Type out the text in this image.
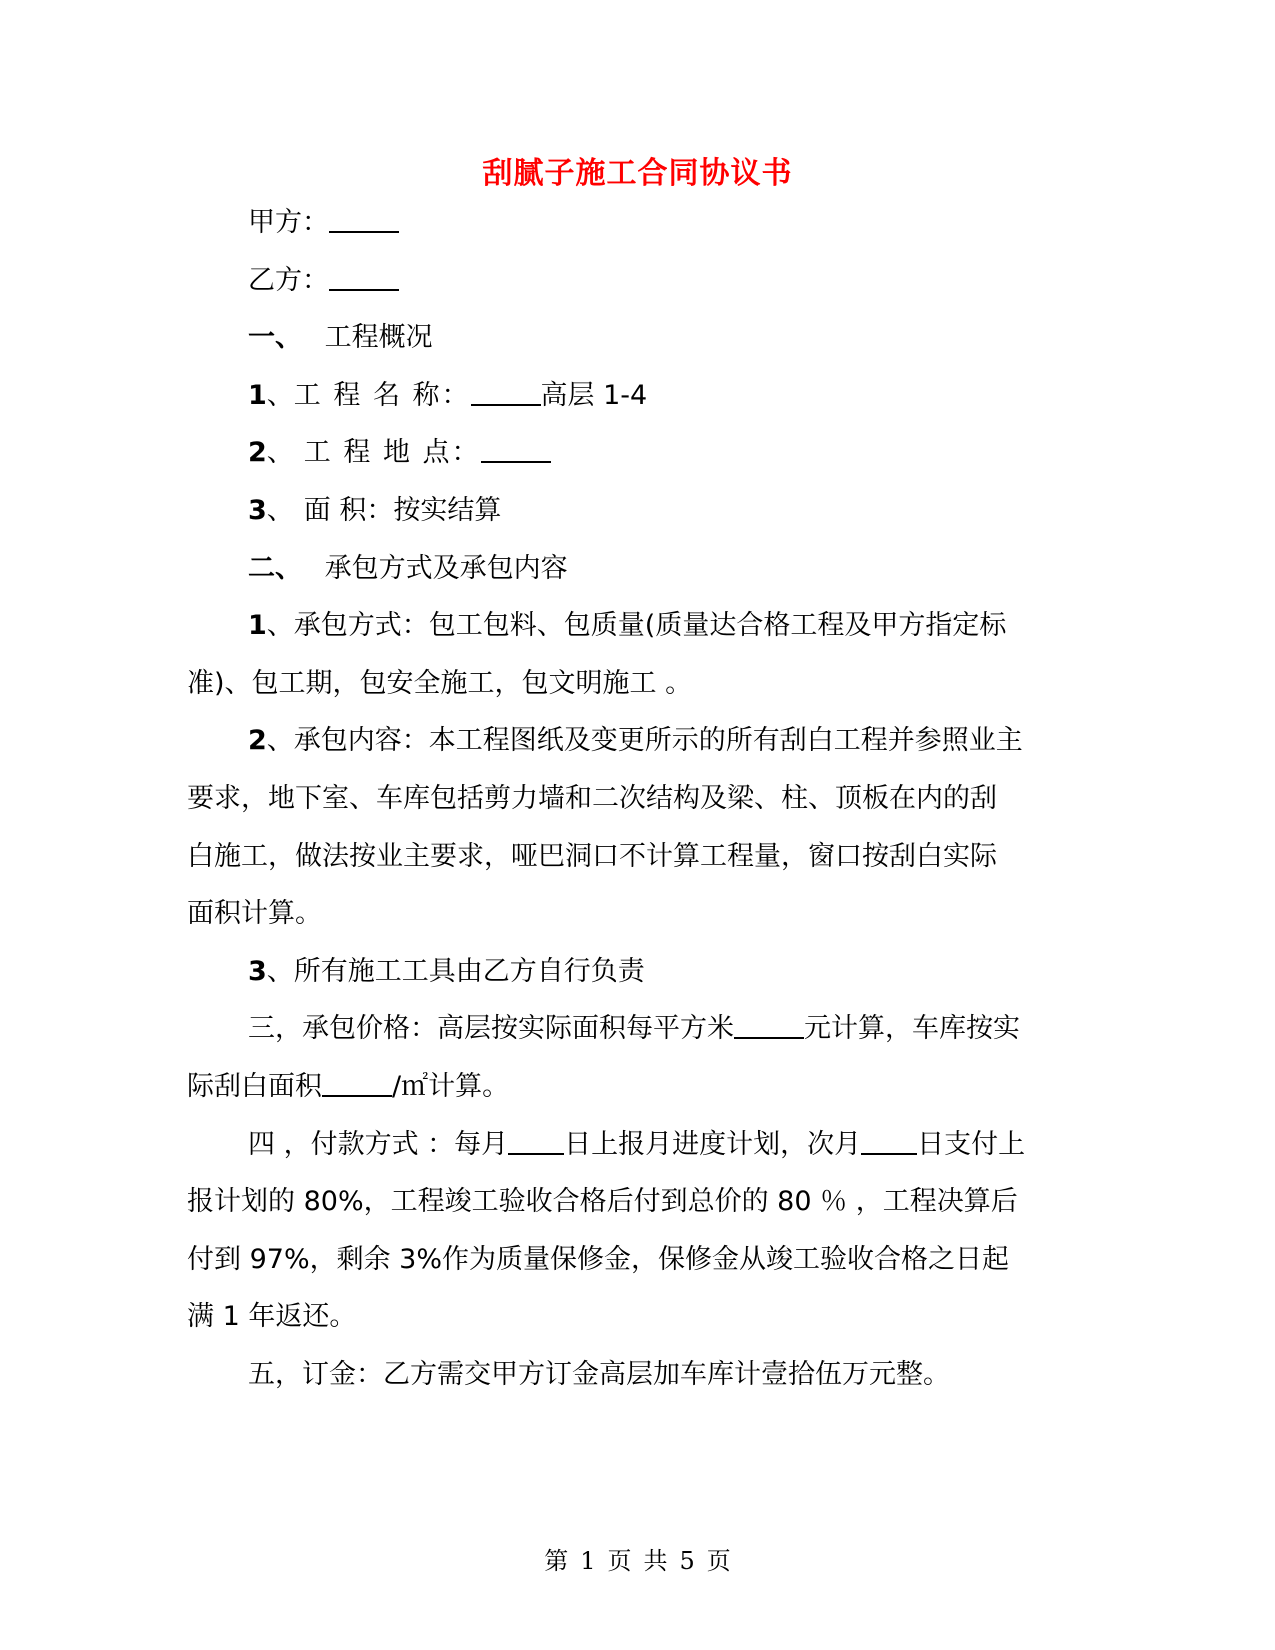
刮腻子施工合同协议书

甲方：

乙方：

一、 工程概况

1、工 程 名 称：	高层 1-4

2、 工 程 地 点：

3、 面 积：按实结算

二、 承包方式及承包内容

1、承包方式：包工包料、包质量(质量达合格工程及甲方指定标

准)、包工期，包安全施工，包文明施工 。

2、承包内容：本工程图纸及变更所示的所有刮白工程并参照业主

要求，地下室、车库包括剪力墙和二次结构及梁、柱、顶板在内的刮

白施工，做法按业主要求，哑巴洞口不计算工程量，窗口按刮白实际

面积计算。

3、所有施工工具由乙方自行负责

三，承包价格：高层按实际面积每平方米	元计算，车库按实

际刮白面积	/㎡计算。

四 ，付款方式 ：每月 日上报月进度计划，次月 日支付上

报计划的 80%，工程竣工验收合格后付到总价的 80 ％ ，工程决算后

付到 97%，剩余 3%作为质量保修金，保修金从竣工验收合格之日起

满 1 年返还。

五，订金：乙方需交甲方订金高层加车库计壹拾伍万元整。

第 1 页 共 5 页
